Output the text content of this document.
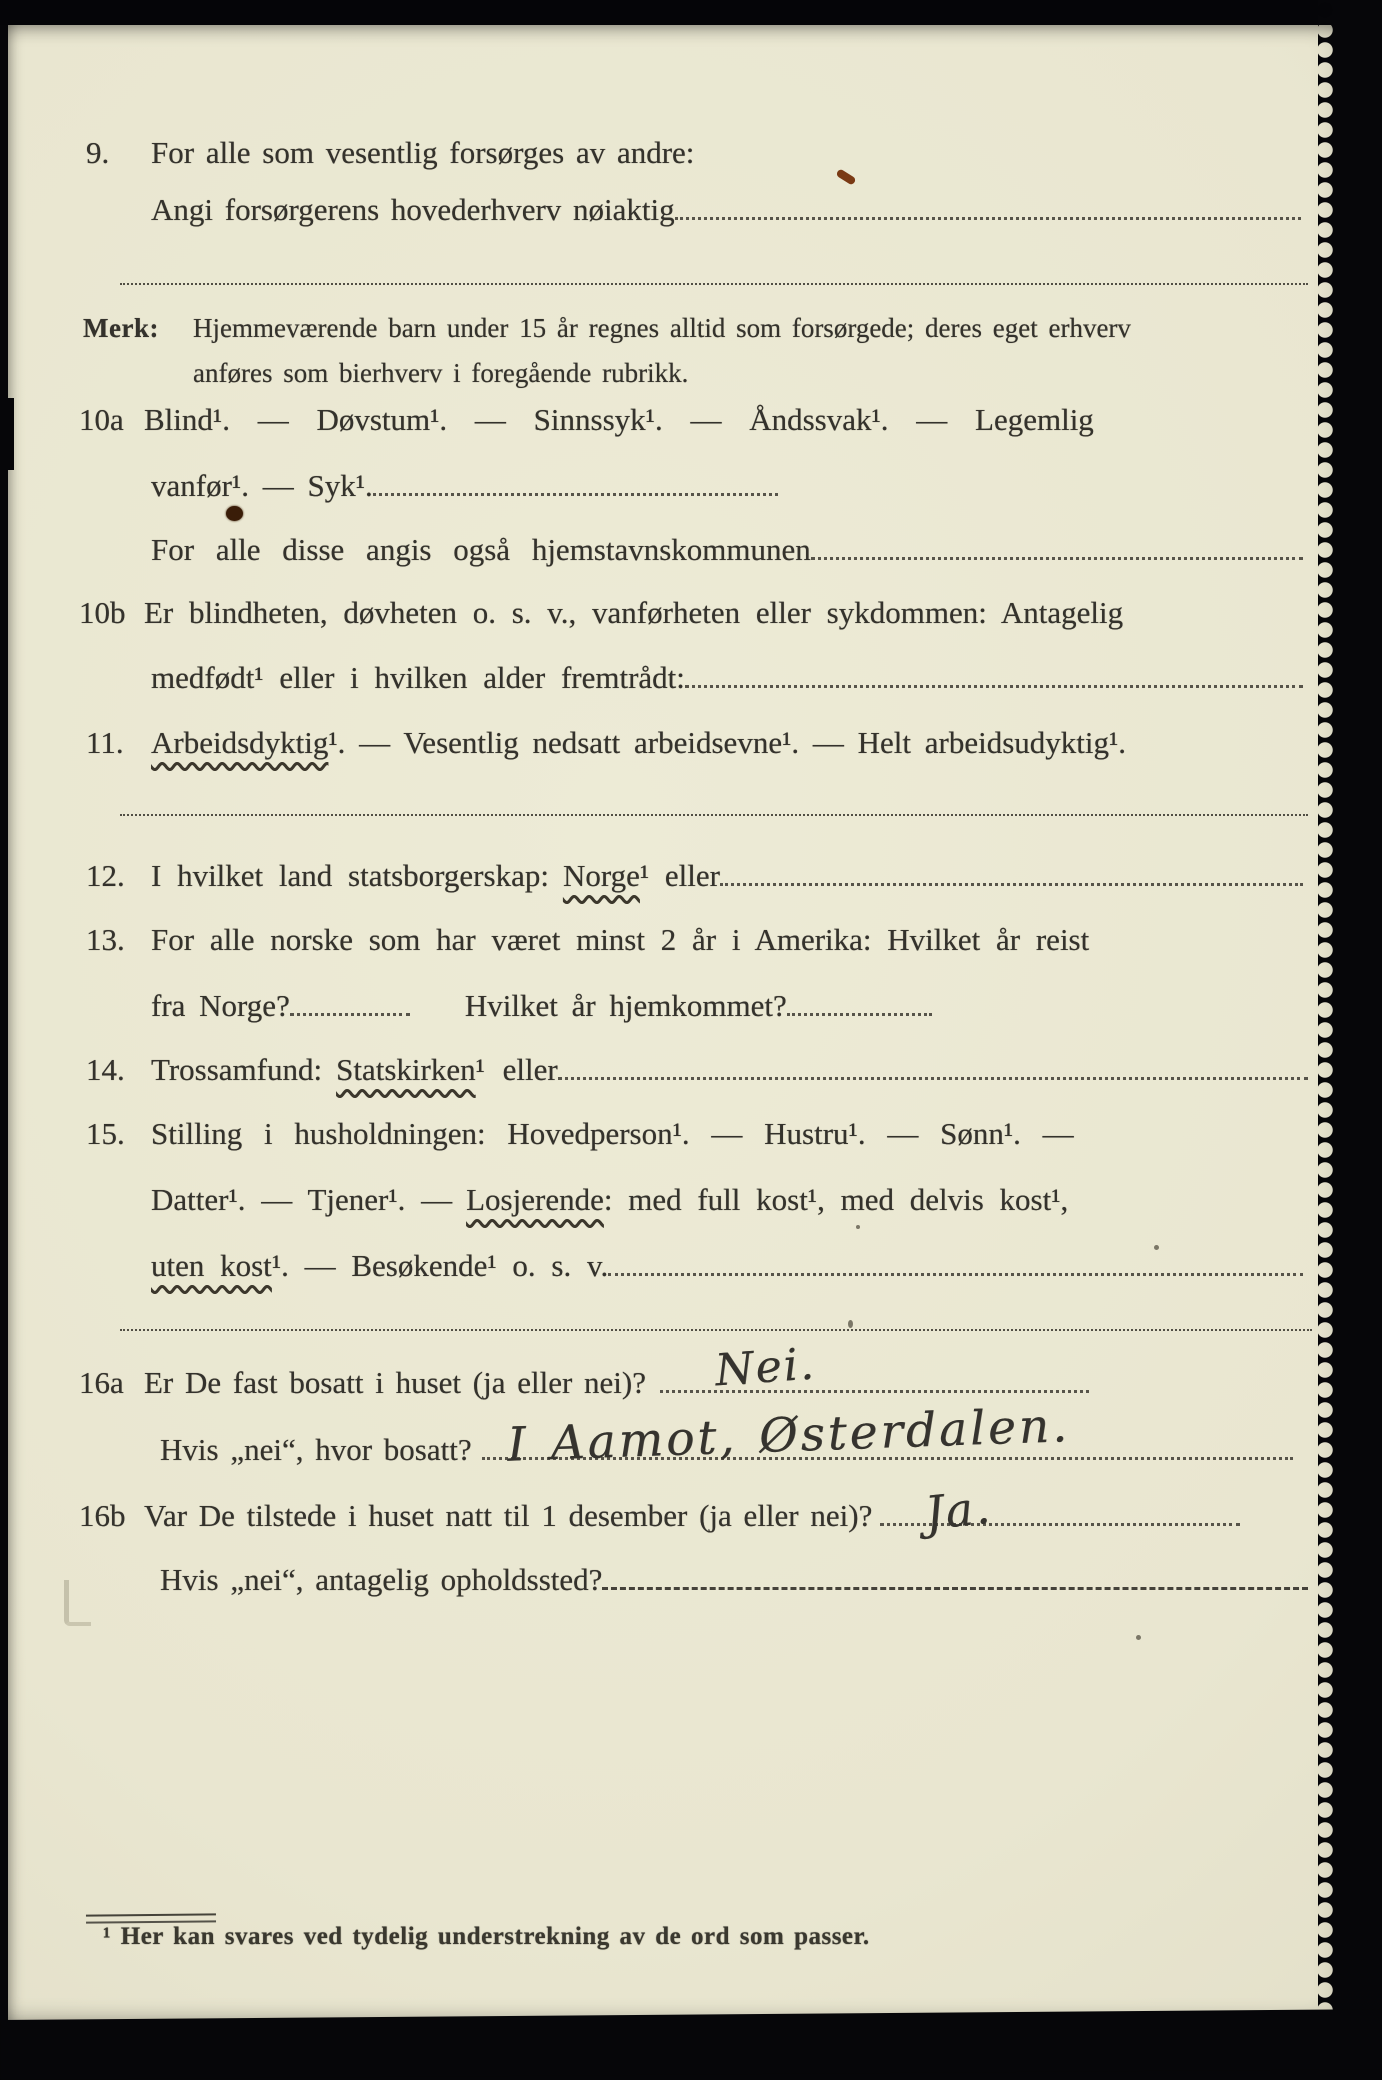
9.	For alle som vesentlig forsørges av andre:
Angi forsørgerens hovederhverv nøiaktig
Merk:	Hjemmeværende barn under 15 år regnes alltid som forsørgede; deres eget erhverv
anføres som bierhverv i foregående rubrikk.
10a Blind¹. — Døvstum¹. — Sinnssyk¹. — Åndssvak¹. — Legemlig
vanfør¹. — Syk¹.
For alle disse angis også hjemstavnskommunen
10b Er blindheten, døvheten o. s. v., vanførheten eller sykdommen: Antagelig
medfødt¹ eller i hvilken alder fremtrådt:
11. Arbeidsdyktig ¹. — Vesentlig nedsatt arbeidsevne¹. — Helt arbeidsudyktig¹.
12. I hvilket land statsborgerskap: Norge ¹ eller
13. For alle norske som har været minst 2 år i Amerika: Hvilket år reist
fra Norge?	Hvilket år hjemkommet?
14. Trossamfund: Statskirken ¹ eller
15. Stilling i husholdningen: Hovedperson¹. — Hustru¹. — Sønn¹. —
Datter¹. — Tjener¹. — Losjerende : med full kost¹, med delvis kost¹,
uten kost ¹. — Besøkende¹ o. s. v.
16a Er De fast bosatt i huset (ja eller nei)? Nei.
Hvis „nei“, hvor bosatt? I Aamot, Østerdalen.
16b Var De tilstede i huset natt til 1 desember (ja eller nei)? Ja.
Hvis „nei“, antagelig opholdssted?
¹ Her kan svares ved tydelig understrekning av de ord som passer.
